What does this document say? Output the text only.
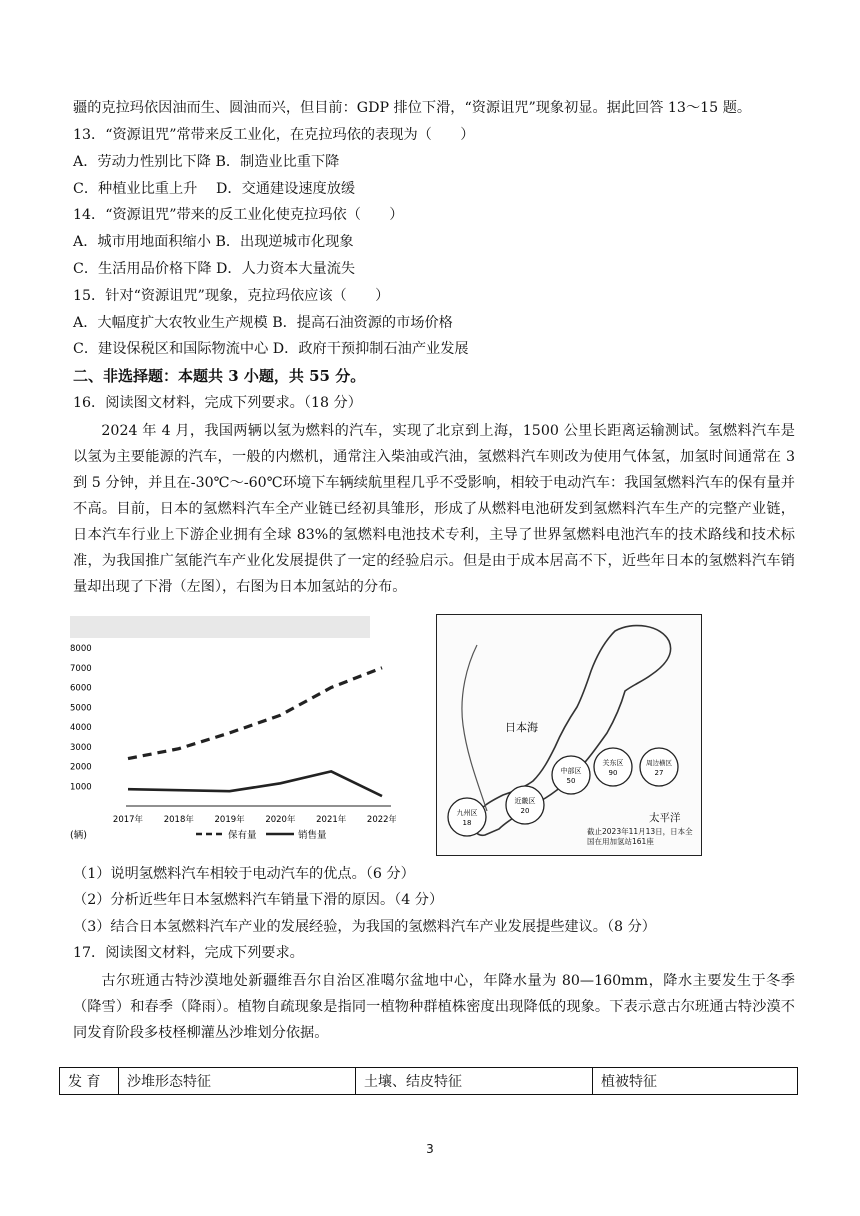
疆的克拉玛依因油而生、圆油而兴，但目前：GDP 排位下滑，“资源诅咒”现象初显。据此回答 13～15 题。
13．“资源诅咒”常带来反工业化，在克拉玛依的表现为（　　）
A．劳动力性别比下降 B．制造业比重下降
C．种植业比重上升　 D．交通建设速度放缓
14．“资源诅咒”带来的反工业化使克拉玛依（　　）
A．城市用地面积缩小 B．出现逆城市化现象
C．生活用品价格下降 D．人力资本大量流失
15．针对“资源诅咒”现象，克拉玛依应该（　　）
A．大幅度扩大农牧业生产规模 B．提高石油资源的市场价格
C．建设保税区和国际物流中心 D．政府干预抑制石油产业发展
二、非选择题：本题共 3 小题，共 55 分。
16．阅读图文材料，完成下列要求。（18 分）
2024 年 4 月，我国两辆以氢为燃料的汽车，实现了北京到上海，1500 公里长距离运输测试。氢燃料汽车是以氢为主要能源的汽车，一般的内燃机，通常注入柴油或汽油，氢燃料汽车则改为使用气体氢，加氢时间通常在 3 到 5 分钟，并且在-30℃～-60℃环境下车辆续航里程几乎不受影响，相较于电动汽车：我国氢燃料汽车的保有量并不高。目前，日本的氢燃料汽车全产业链已经初具雏形，形成了从燃料电池研发到氢燃料汽车生产的完整产业链，日本汽车行业上下游企业拥有全球 83%的氢燃料电池技术专利，主导了世界氢燃料电池汽车的技术路线和技术标准，为我国推广氢能汽车产业化发展提供了一定的经验启示。但是由于成本居高不下，近些年日本的氢燃料汽车销量却出现了下滑（左图），右图为日本加氢站的分布。
1000
2000
3000
4000
5000
6000
7000
8000
2017年 2018年 2019年 2020年 2021年 2022年
(辆)	保有量	销售量
日本海
太平洋
九州区
18
近畿区
20
中部区
50
关东区
90
周边横区
27
截止2023年11月13日，日本全国在用加氢站161座
（1）说明氢燃料汽车相较于电动汽车的优点。（6 分）
（2）分析近些年日本氢燃料汽车销量下滑的原因。（4 分）
（3）结合日本氢燃料汽车产业的发展经验，为我国的氢燃料汽车产业发展提些建议。（8 分）
17．阅读图文材料，完成下列要求。
古尔班通古特沙漠地处新疆维吾尔自治区准噶尔盆地中心，年降水量为 80—160mm，降水主要发生于冬季（降雪）和春季（降雨）。植物自疏现象是指同一植物种群植株密度出现降低的现象。下表示意古尔班通古特沙漠不同发育阶段多枝柽柳灌丛沙堆划分依据。
发 育	沙堆形态特征	土壤、结皮特征	植被特征
3
